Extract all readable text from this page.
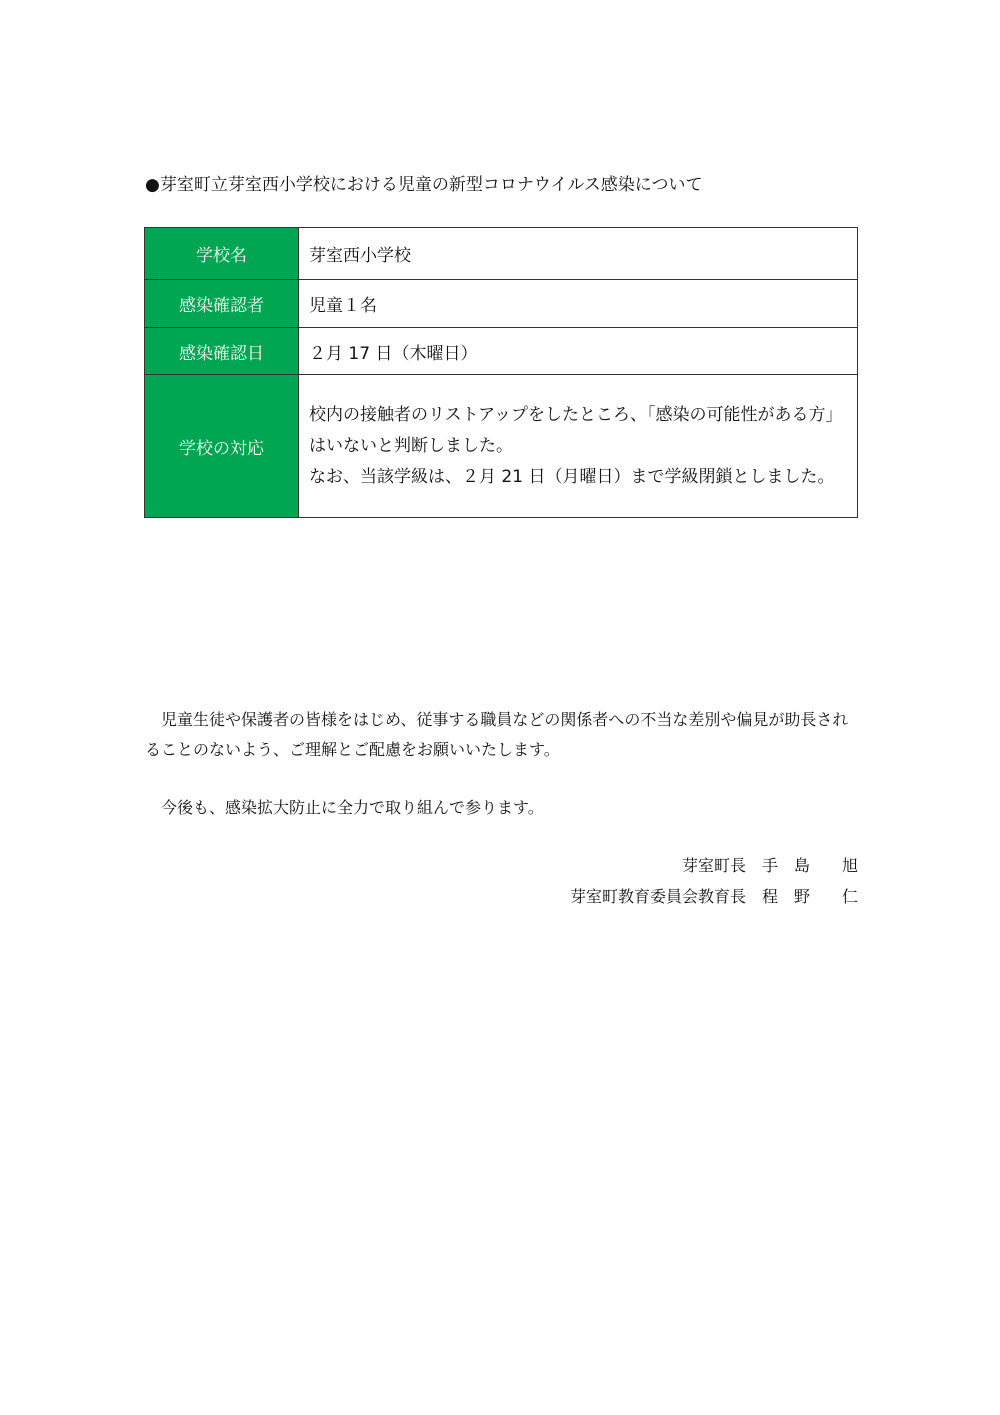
●芽室町立芽室西小学校における児童の新型コロナウイルス感染について
学校名	芽室西小学校
感染確認者	児童１名
感染確認日	２月 17 日（木曜日）
学校の対応	校内の接触者のリストアップをしたところ、「感染の可能性がある方」
はいないと判断しました。
なお、当該学級は、２月 21 日（月曜日）まで学級閉鎖としました。
児童生徒や保護者の皆様をはじめ、従事する職員などの関係者への不当な差別や偏見が助長されることのないよう、ご理解とご配慮をお願いいたします。
今後も、感染拡大防止に全力で取り組んで参ります。
芽室町長　手　島　　旭
芽室町教育委員会教育長　程　野　　仁
